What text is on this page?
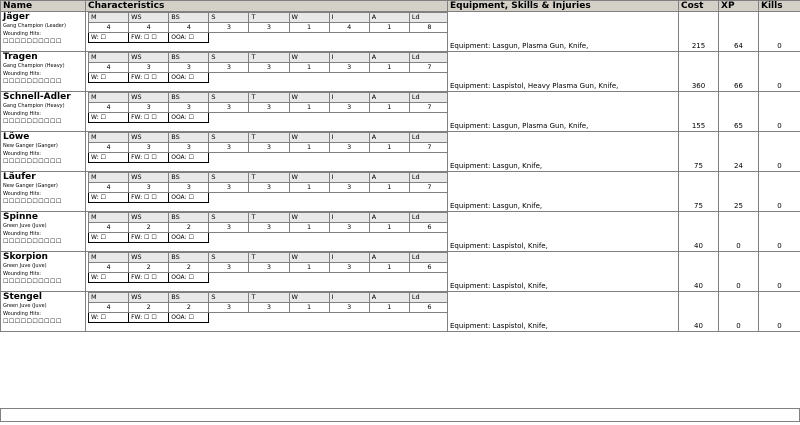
Name	Characteristics	Equipment, Skills & Injuries	Cost	XP	Kills

Jäger
Gang Champion (Leader)
Wounding Hits:
☐☐☐☐☐☐☐☐☐☐

M	WS	BS	S	T	W	I	A	Ld
4	4	4	3	3	1	4	1	8
W: ☐	FW: ☐ ☐	OOA: ☐	

	Equipment: Lasgun, Plasma Gun, Knife,	215	64	0

Tragen
Gang Champion (Heavy)
Wounding Hits:
☐☐☐☐☐☐☐☐☐☐

M	WS	BS	S	T	W	I	A	Ld
4	3	3	3	3	1	3	1	7
W: ☐	FW: ☐ ☐	OOA: ☐	

	Equipment: Laspistol, Heavy Plasma Gun, Knife,	360	66	0

Schnell-Adler
Gang Champion (Heavy)
Wounding Hits:
☐☐☐☐☐☐☐☐☐☐

M	WS	BS	S	T	W	I	A	Ld
4	3	3	3	3	1	3	1	7
W: ☐	FW: ☐ ☐	OOA: ☐	

	Equipment: Lasgun, Plasma Gun, Knife,	155	65	0

Löwe
New Ganger (Ganger)
Wounding Hits:
☐☐☐☐☐☐☐☐☐☐

M	WS	BS	S	T	W	I	A	Ld
4	3	3	3	3	1	3	1	7
W: ☐	FW: ☐ ☐	OOA: ☐	

	Equipment: Lasgun, Knife,	75	24	0

Läufer
New Ganger (Ganger)
Wounding Hits:
☐☐☐☐☐☐☐☐☐☐

M	WS	BS	S	T	W	I	A	Ld
4	3	3	3	3	1	3	1	7
W: ☐	FW: ☐ ☐	OOA: ☐	

	Equipment: Lasgun, Knife,	75	25	0

Spinne
Green Juve (Juve)
Wounding Hits:
☐☐☐☐☐☐☐☐☐☐

M	WS	BS	S	T	W	I	A	Ld
4	2	2	3	3	1	3	1	6
W: ☐	FW: ☐ ☐	OOA: ☐	

	Equipment: Laspistol, Knife,	40	0	0

Skorpion
Green Juve (Juve)
Wounding Hits:
☐☐☐☐☐☐☐☐☐☐

M	WS	BS	S	T	W	I	A	Ld
4	2	2	3	3	1	3	1	6
W: ☐	FW: ☐ ☐	OOA: ☐	

	Equipment: Laspistol, Knife,	40	0	0

Stengel
Green Juve (Juve)
Wounding Hits:
☐☐☐☐☐☐☐☐☐☐

M	WS	BS	S	T	W	I	A	Ld
4	2	2	3	3	1	3	1	6
W: ☐	FW: ☐ ☐	OOA: ☐	

	Equipment: Laspistol, Knife,	40	0	0
